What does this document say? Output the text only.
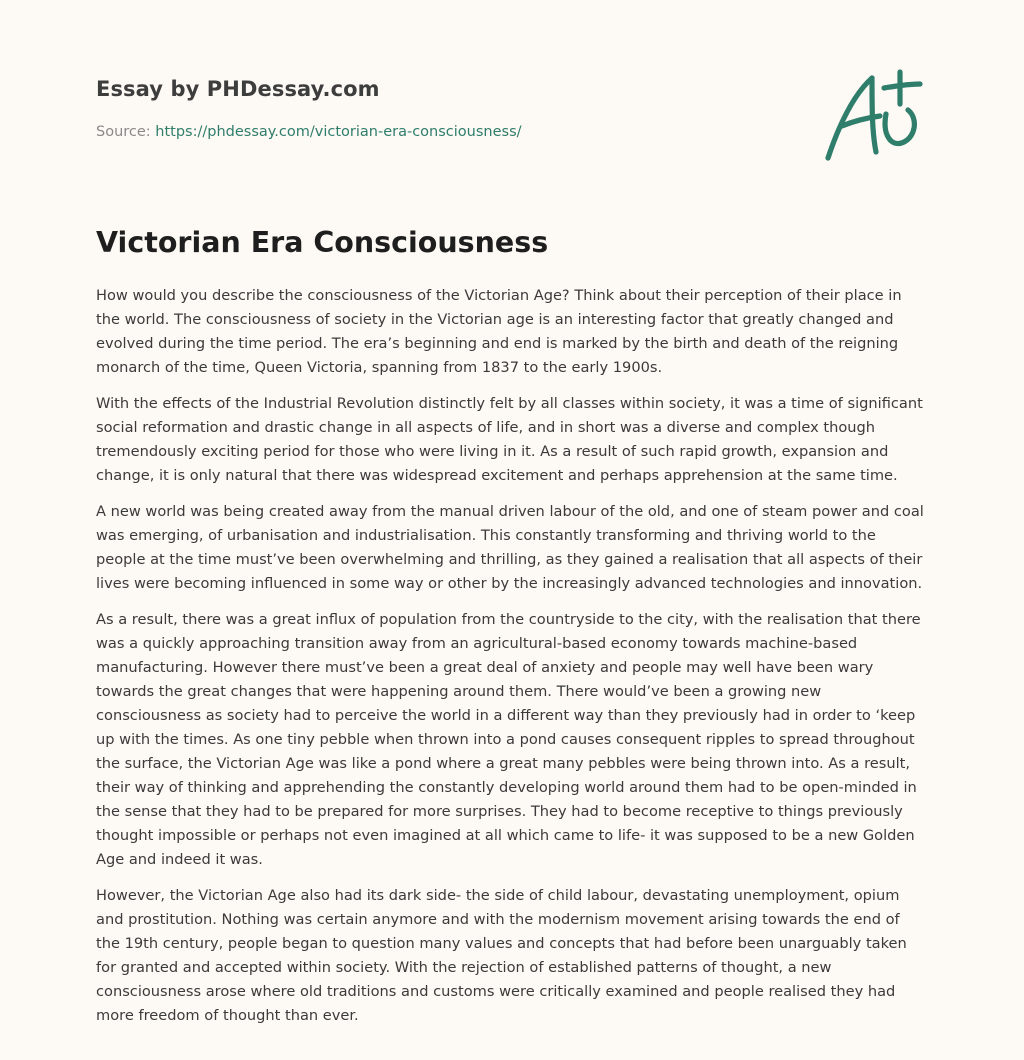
Essay by PHDessay.com
Source: https://phdessay.com/victorian-era-consciousness/
Victorian Era Consciousness

How would you describe the consciousness of the Victorian Age? Think about their perception of their place in the world. The consciousness of society in the Victorian age is an interesting factor that greatly changed and evolved during the time period. The era’s beginning and end is marked by the birth and death of the reigning monarch of the time, Queen Victoria, spanning from 1837 to the early 1900s.

With the effects of the Industrial Revolution distinctly felt by all classes within society, it was a time of significant social reformation and drastic change in all aspects of life, and in short was a diverse and complex though tremendously exciting period for those who were living in it. As a result of such rapid growth, expansion and change, it is only natural that there was widespread excitement and perhaps apprehension at the same time.

A new world was being created away from the manual driven labour of the old, and one of steam power and coal was emerging, of urbanisation and industrialisation. This constantly transforming and thriving world to the people at the time must’ve been overwhelming and thrilling, as they gained a realisation that all aspects of their lives were becoming influenced in some way or other by the increasingly advanced technologies and innovation.

As a result, there was a great influx of population from the countryside to the city, with the realisation that there was a quickly approaching transition away from an agricultural-based economy towards machine-based manufacturing. However there must’ve been a great deal of anxiety and people may well have been wary towards the great changes that were happening around them. There would’ve been a growing new consciousness as society had to perceive the world in a different way than they previously had in order to ‘keep up with the times. As one tiny pebble when thrown into a pond causes consequent ripples to spread throughout the surface, the Victorian Age was like a pond where a great many pebbles were being thrown into. As a result, their way of thinking and apprehending the constantly developing world around them had to be open-minded in the sense that they had to be prepared for more surprises. They had to become receptive to things previously thought impossible or perhaps not even imagined at all which came to life- it was supposed to be a new Golden Age and indeed it was.

However, the Victorian Age also had its dark side- the side of child labour, devastating unemployment, opium and prostitution. Nothing was certain anymore and with the modernism movement arising towards the end of the 19th century, people began to question many values and concepts that had before been unarguably taken for granted and accepted within society. With the rejection of established patterns of thought, a new consciousness arose where old traditions and customs were critically examined and people realised they had more freedom of thought than ever.
